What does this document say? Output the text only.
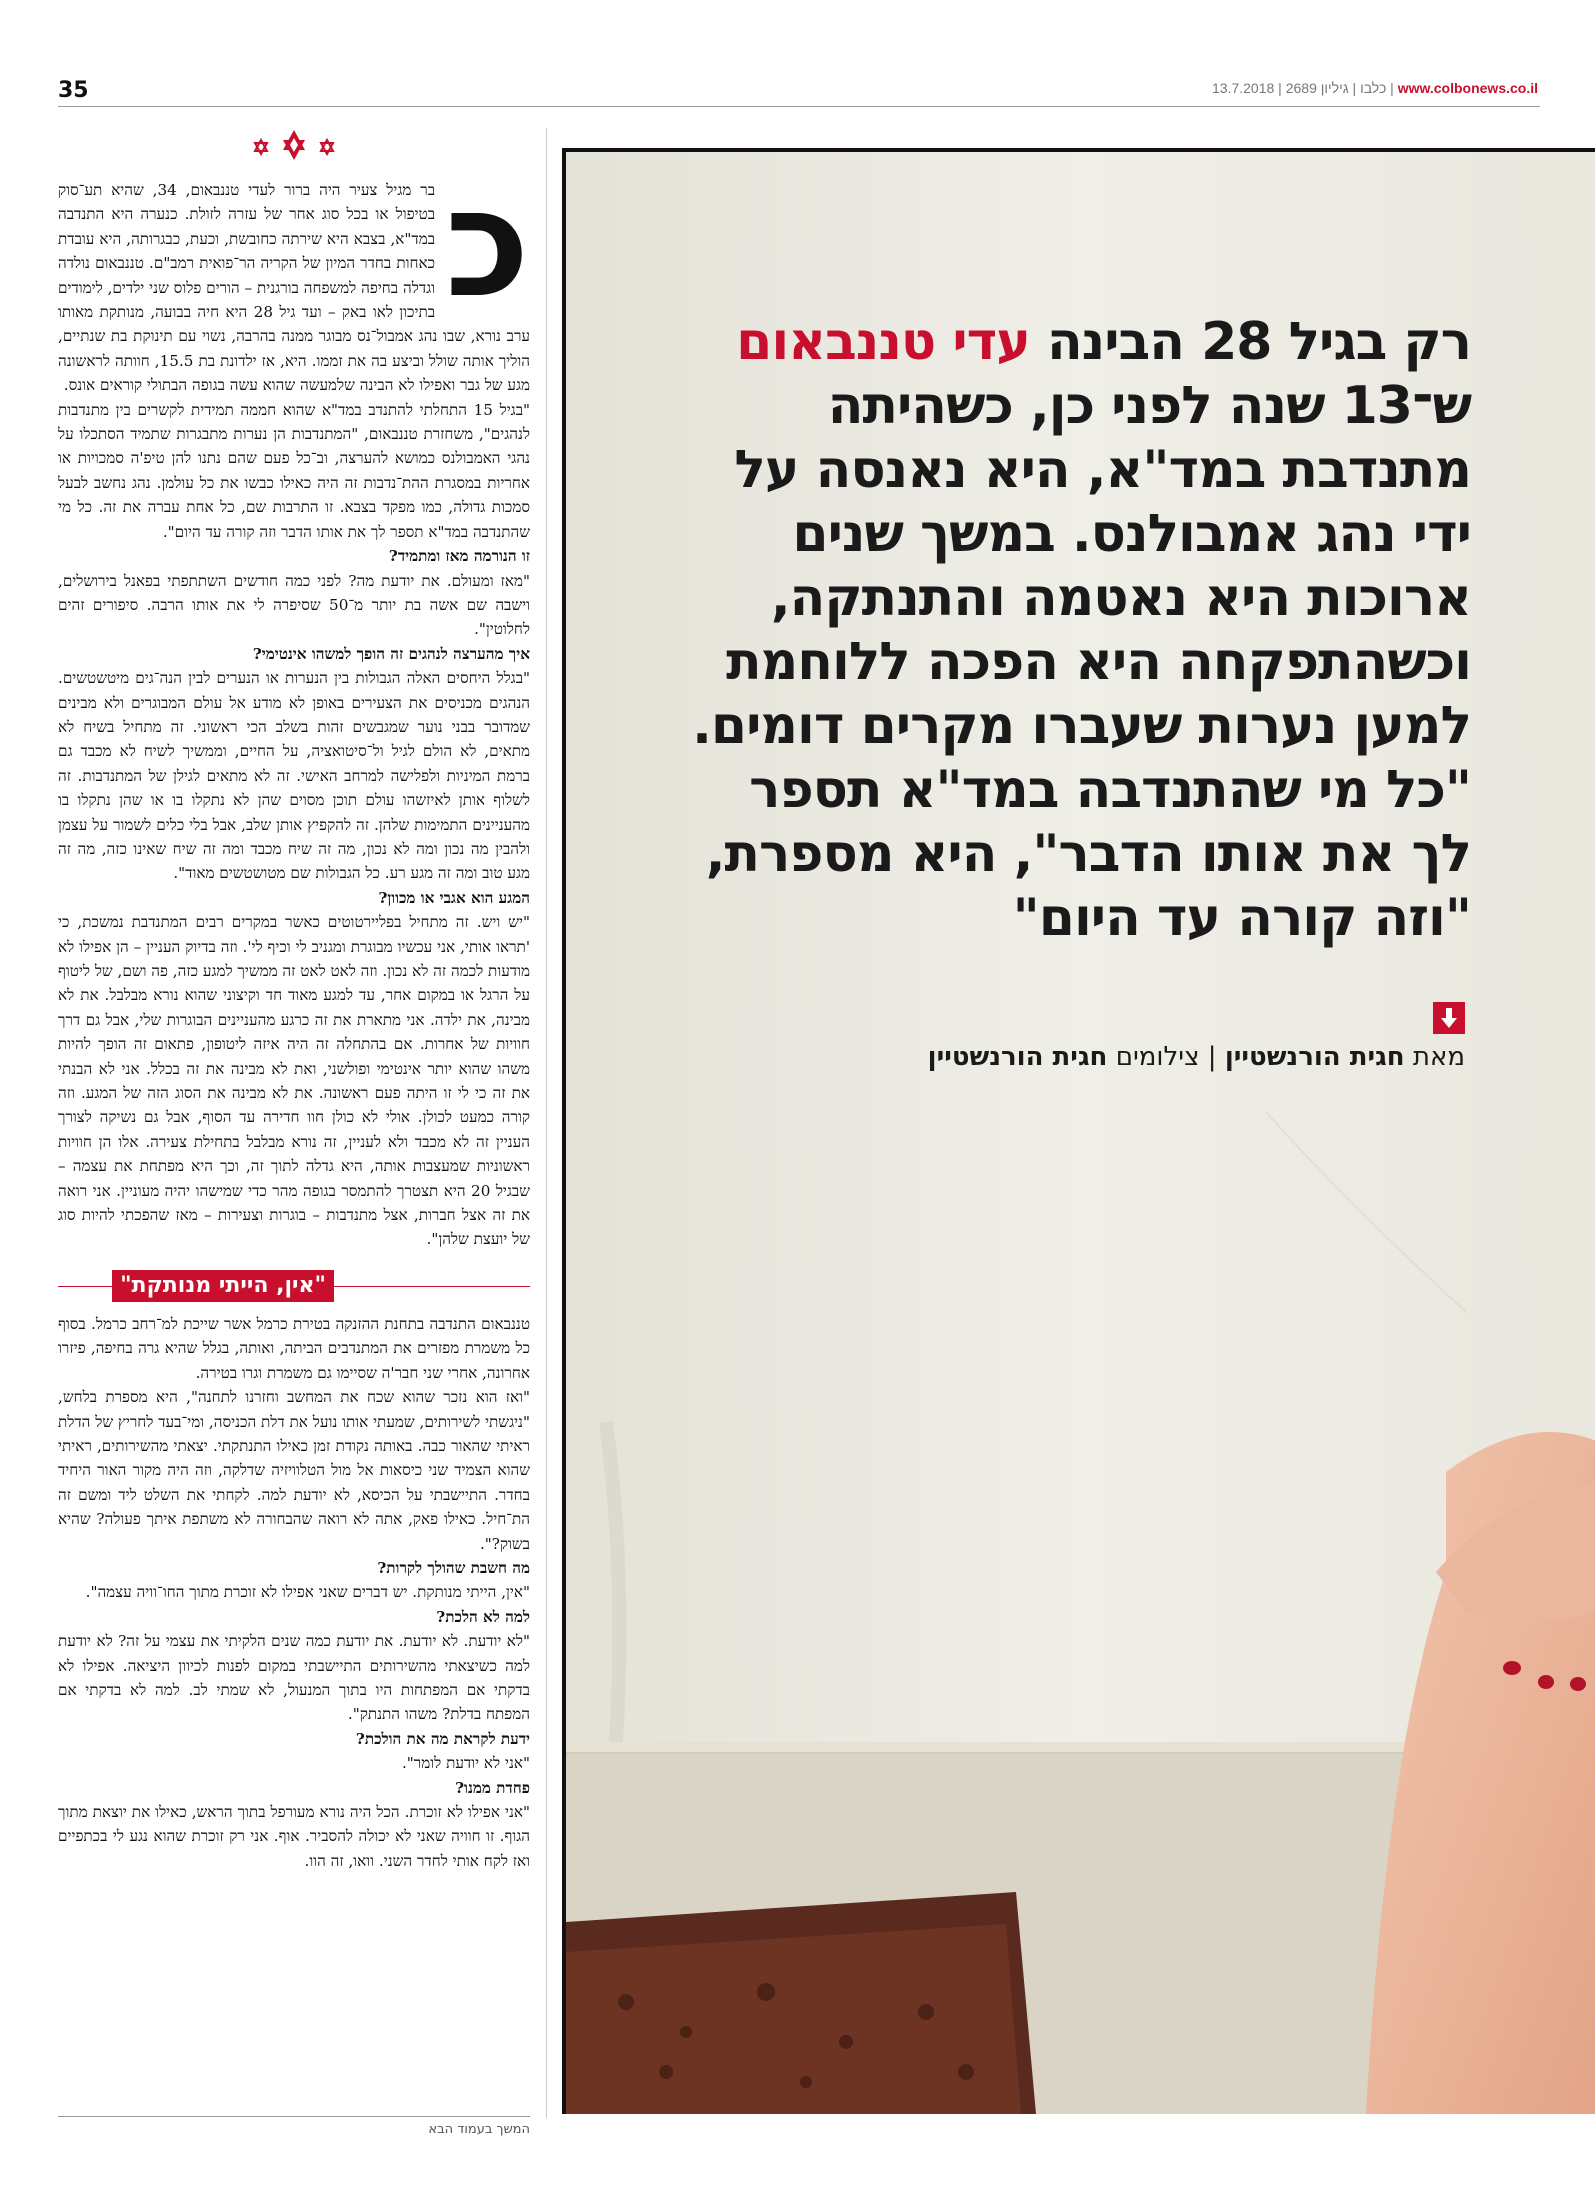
35	www.colbonews.co.il | כלבו | גיליון 2689 | 13.7.2018
כ
בר מגיל צעיר היה ברור לעדי טננבאום, 34, שהיא תע־סוק בטיפול או בכל סוג אחר של עזרה לזולת. כנערה היא התנדבה במד"א, בצבא היא שירתה כחובשת, וכעת, כבגרותה, היא עובדת כאחות בחדר המיון של הקריה הר־פואית רמב"ם. טננבאום נולדה וגדלה בחיפה למשפחה בורגנית – הורים פלוס שני ילדים, לימודים בתיכון לאו באק – ועד גיל 28 היא חיה בבועה, מנותקת מאותו ערב נורא, שבו נהג אמבול־נס מבוגר ממנה בהרבה, נשוי עם תינוקת בת שנתיים, הוליך אותה שולל וביצע בה את זממו. היא, אז ילדונת בת 15.5, חוותה לראשונה מגע של גבר ואפילו לא הבינה שלמעשה שהוא עשה בגופה הבתולי קוראים אונס.

"בגיל 15 התחלתי להתנדב במד"א שהוא חממה תמידית לקשרים בין מתנדבות לנהגים", משחזרת טננבאום, "המתנדבות הן נערות מתבגרות שתמיד הסתכלו על נהגי האמבולנס כמושא להערצה, וב־כל פעם שהם נתנו להן טיפ'ה סמכויות או אחריות במסגרת ההת־נדבות זה היה כאילו כבשו את כל עולמן. נהג נחשב לבעל סמכות גדולה, כמו מפקד בצבא. זו התרבות שם, כל אחת עברה את זה. כל מי שהתנדבה במד"א תספר לך את אותו הדבר וזה קורה עד היום".

זו הנורמה מאז ומתמיד?

"מאז ומעולם. את יודעת מה? לפני כמה חודשים השתתפתי בפאנל בירושלים, וישבה שם אשה בת יותר מ־50 שסיפרה לי את אותו הרבה. סיפורים זהים לחלוטין".

איך מהערצה לנהגים זה הופך למשהו אינטימי?

"בגלל היחסים האלה הגבולות בין הנערות או הנערים לבין הנה־גים מיטשטשים. הנהגים מכניסים את הצעירים באופן לא מודע אל עולם המבוגרים ולא מבינים שמדובר בבני נוער שמגבשים זהות בשלב הכי ראשוני. זה מתחיל בשיח לא מתאים, לא הולם לגיל ול־סיטואציה, על החיים, וממשיך לשיח לא מכבד גם ברמת המיניות ולפלישה למרחב האישי. זה לא מתאים לגילן של המתנדבות. זה לשלוף אותן לאיזשהו עולם תוכן מסוים שהן לא נתקלו בו או שהן נתקלו בו מהעניינים התמימות שלהן. זה להקפיץ אותן שלב, אבל בלי כלים לשמור על עצמן ולהבין מה נכון ומה לא נכון, מה זה שיח מכבד ומה זה שיח שאינו כזה, מה זה מגע טוב ומה זה מגע רע. כל הגבולות שם מטושטשים מאוד".

המגע הוא אגבי או מכוון?

"יש ויש. זה מתחיל בפליירטוטים כאשר במקרים רבים המתנדבת נמשכת, כי 'תראו אותי, אני עכשיו מבוגרת ומגניב לי וכיף לי'. וזה בדיוק העניין – הן אפילו לא מודעות לכמה זה לא נכון. וזה לאט לאט זה ממשיך למגע כזה, פה ושם, של ליטוף על הרגל או במקום אחר, עד למגע מאוד חד וקיצוני שהוא נורא מבלבל. את לא מבינה, את ילדה. אני מתארת את זה כרגע מהעניינים הבוגרות שלי, אבל גם דרך חוויות של אחרות. אם בהתחלה זה היה איזה ליטופון, פתאום זה הופך להיות משהו שהוא יותר אינטימי ופולשני, ואת לא מבינה את זה בכלל. אני לא הבנתי את זה כי לי זו היתה פעם ראשונה. את לא מבינה את הסוג הזה של המגע. וזה קורה כמעט לכולן. אולי לא כולן חוו חדירה עד הסוף, אבל גם נשיקה לצורך העניין זה לא מכבד ולא לעניין, זה נורא מבלבל בתחילת צעירה. אלו הן חוויות ראשוניות שמעצבות אותה, היא גדלה לתוך זה, וכך היא מפתחת את עצמה – שבגיל 20 היא תצטרך להתמסר בגופה מהר כדי שמישהו יהיה מעוניין. אני רואה את זה אצל חברות, אצל מתנדבות – בוגרות וצעירות – מאז שהפכתי להיות סוג של יועצת שלהן".

"אין, הייתי מנותקת"

טננבאום התנדבה בתחנת ההזנקה בטירת כרמל אשר שייכת למ־רחב כרמל. בסוף כל משמרת מפזרים את המתנדבים הביתה, ואותה, בגלל שהיא גרה בחיפה, פיזרו אחרונה, אחרי שני חבר'ה שסיימו גם משמרת וגרו בטירה.

"ואז הוא נזכר שהוא שכח את המחשב וחזרנו לתחנה", היא מספרת בלחש, "ניגשתי לשירותים, שמעתי אותו נועל את דלת הכניסה, ומי־בעד לחריץ של הדלת ראיתי שהאור כבה. באותה נקודת זמן כאילו התנתקתי. יצאתי מהשירותים, ראיתי שהוא הצמיד שני כיסאות אל מול הטלוויזיה שדלקה, וזה היה מקור האור היחיד בחדר. התיישבתי על הכיסא, לא יודעת למה. לקחתי את השלט ליד ומשם זה הת־חיל. כאילו פאק, אתה לא רואה שהבחורה לא משתפת איתך פעולה? שהיא בשוק?".

מה חשבת שהולך לקרות?

"אין, הייתי מנותקת. יש דברים שאני אפילו לא זוכרת מתוך החו־וויה עצמה".

למה לא הלכת?

"לא יודעת. לא יודעת. את יודעת כמה שנים הלקיתי את עצמי על זה? לא יודעת למה כשיצאתי מהשירותים התיישבתי במקום לפנות לכיוון היציאה. אפילו לא בדקתי אם המפתחות היו בתוך המנעול, לא שמתי לב. למה לא בדקתי אם המפתח בדלת? משהו התנתק".

ידעת לקראת מה את הולכת?

"אני לא יודעת לומר".

פחדת ממנו?

"אני אפילו לא זוכרת. הכל היה נורא מעורפל בתוך הראש, כאילו את יוצאת מתוך הגוף. זו חוויה שאני לא יכולה להסביר. אוף. אני רק זוכרת שהוא נגע לי בכתפיים ואז לקח אותי לחדר השני. וואו, זה הוו.

המשך בעמוד הבא
רק בגיל 28 הבינה עדי טננבאום ש־13 שנה לפני כן, כשהיתה מתנדבת במד"א, היא נאנסה על ידי נהג אמבולנס. במשך שנים ארוכות היא נאטמה והתנתקה, וכשהתפקחה היא הפכה ללוחמת למען נערות שעברו מקרים דומים. "כל מי שהתנדבה במד"א תספר לך את אותו הדבר", היא מספרת, "וזה קורה עד היום"
מאת חגית הורנשטיין | צילומים חגית הורנשטיין
